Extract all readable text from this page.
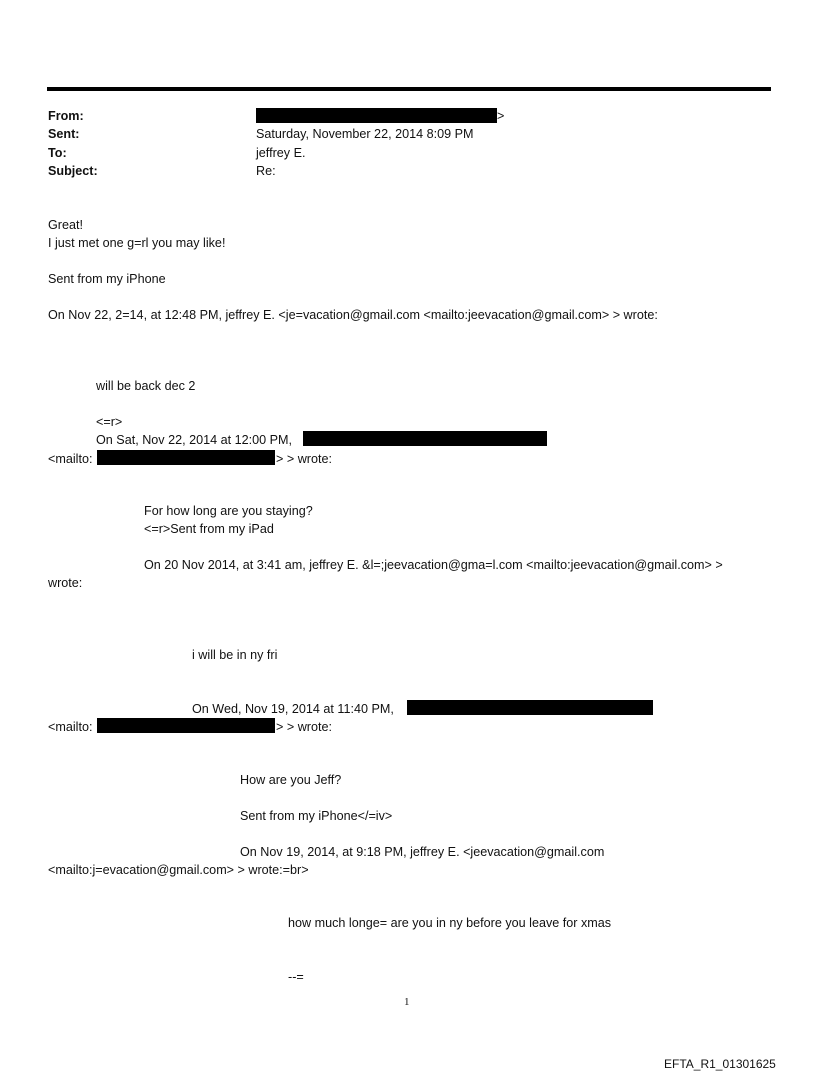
From:	>
Sent:	Saturday, November 22, 2014 8:09 PM
To:	jeffrey E.
Subject:	Re:
Great!
I just met one g=rl you may like!
Sent from my iPhone
On Nov 22, 2=14, at 12:48 PM, jeffrey E. <je=vacation@gmail.com <mailto:jeevacation@gmail.com> > wrote:
will be back dec 2
<=r>
On Sat, Nov 22, 2014 at 12:00 PM,
<mailto:	> > wrote:
For how long are you staying?
<=r>Sent from my iPad
On 20 Nov 2014, at 3:41 am, jeffrey E. &l=;jeevacation@gma=l.com <mailto:jeevacation@gmail.com> >
wrote:
i will be in ny fri
On Wed, Nov 19, 2014 at 11:40 PM,
<mailto:	> > wrote:
How are you Jeff?
Sent from my iPhone</=iv>
On Nov 19, 2014, at 9:18 PM, jeffrey E. <jeevacation@gmail.com
<mailto:j=evacation@gmail.com> > wrote:=br>
how much longe= are you in ny before you leave for xmas
--=
1
EFTA_R1_01301625
